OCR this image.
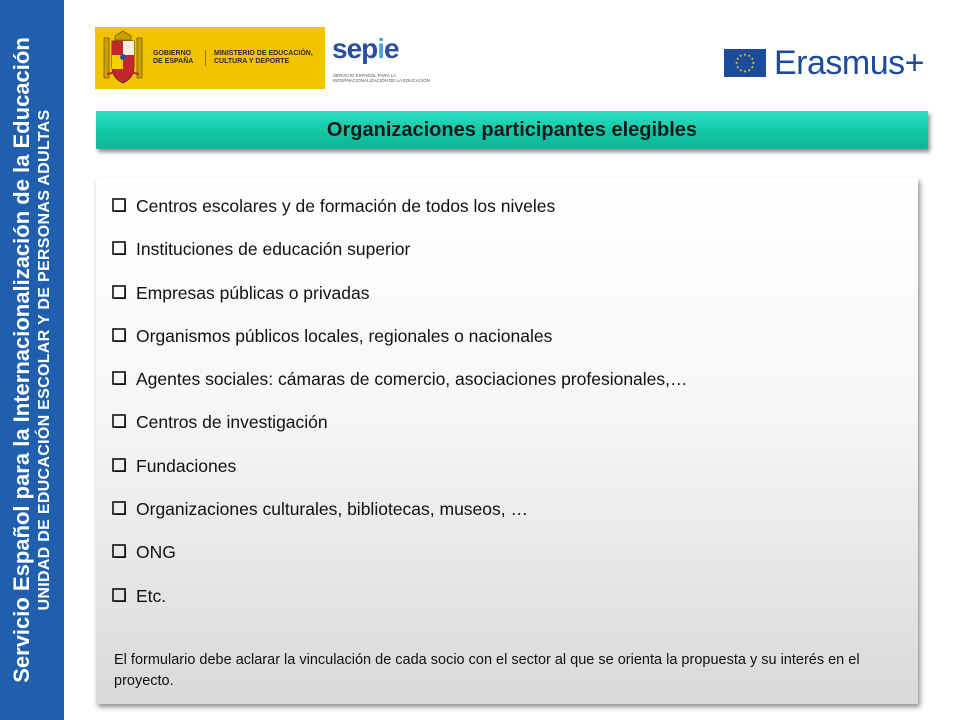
Servicio Español para la Internacionalización de la Educación UNIDAD DE EDUCACIÓN ESCOLAR Y DE PERSONAS ADULTAS
GOBIERNO DE ESPAÑA
MINISTERIO DE EDUCACIÓN, CULTURA Y DEPORTE	sepie
SERVICIO ESPAÑOL PARA LA INTERNACIONALIZACIÓN DE LA EDUCACIÓN	Erasmus+
Organizaciones participantes elegibles
Centros escolares y de formación de todos los niveles
Instituciones de educación superior
Empresas públicas o privadas
Organismos públicos locales, regionales o nacionales
Agentes sociales: cámaras de comercio, asociaciones profesionales,…
Centros de investigación
Fundaciones
Organizaciones culturales, bibliotecas, museos, …
ONG
Etc.
El formulario debe aclarar la vinculación de cada socio con el sector al que se orienta la propuesta y su interés en el proyecto.
